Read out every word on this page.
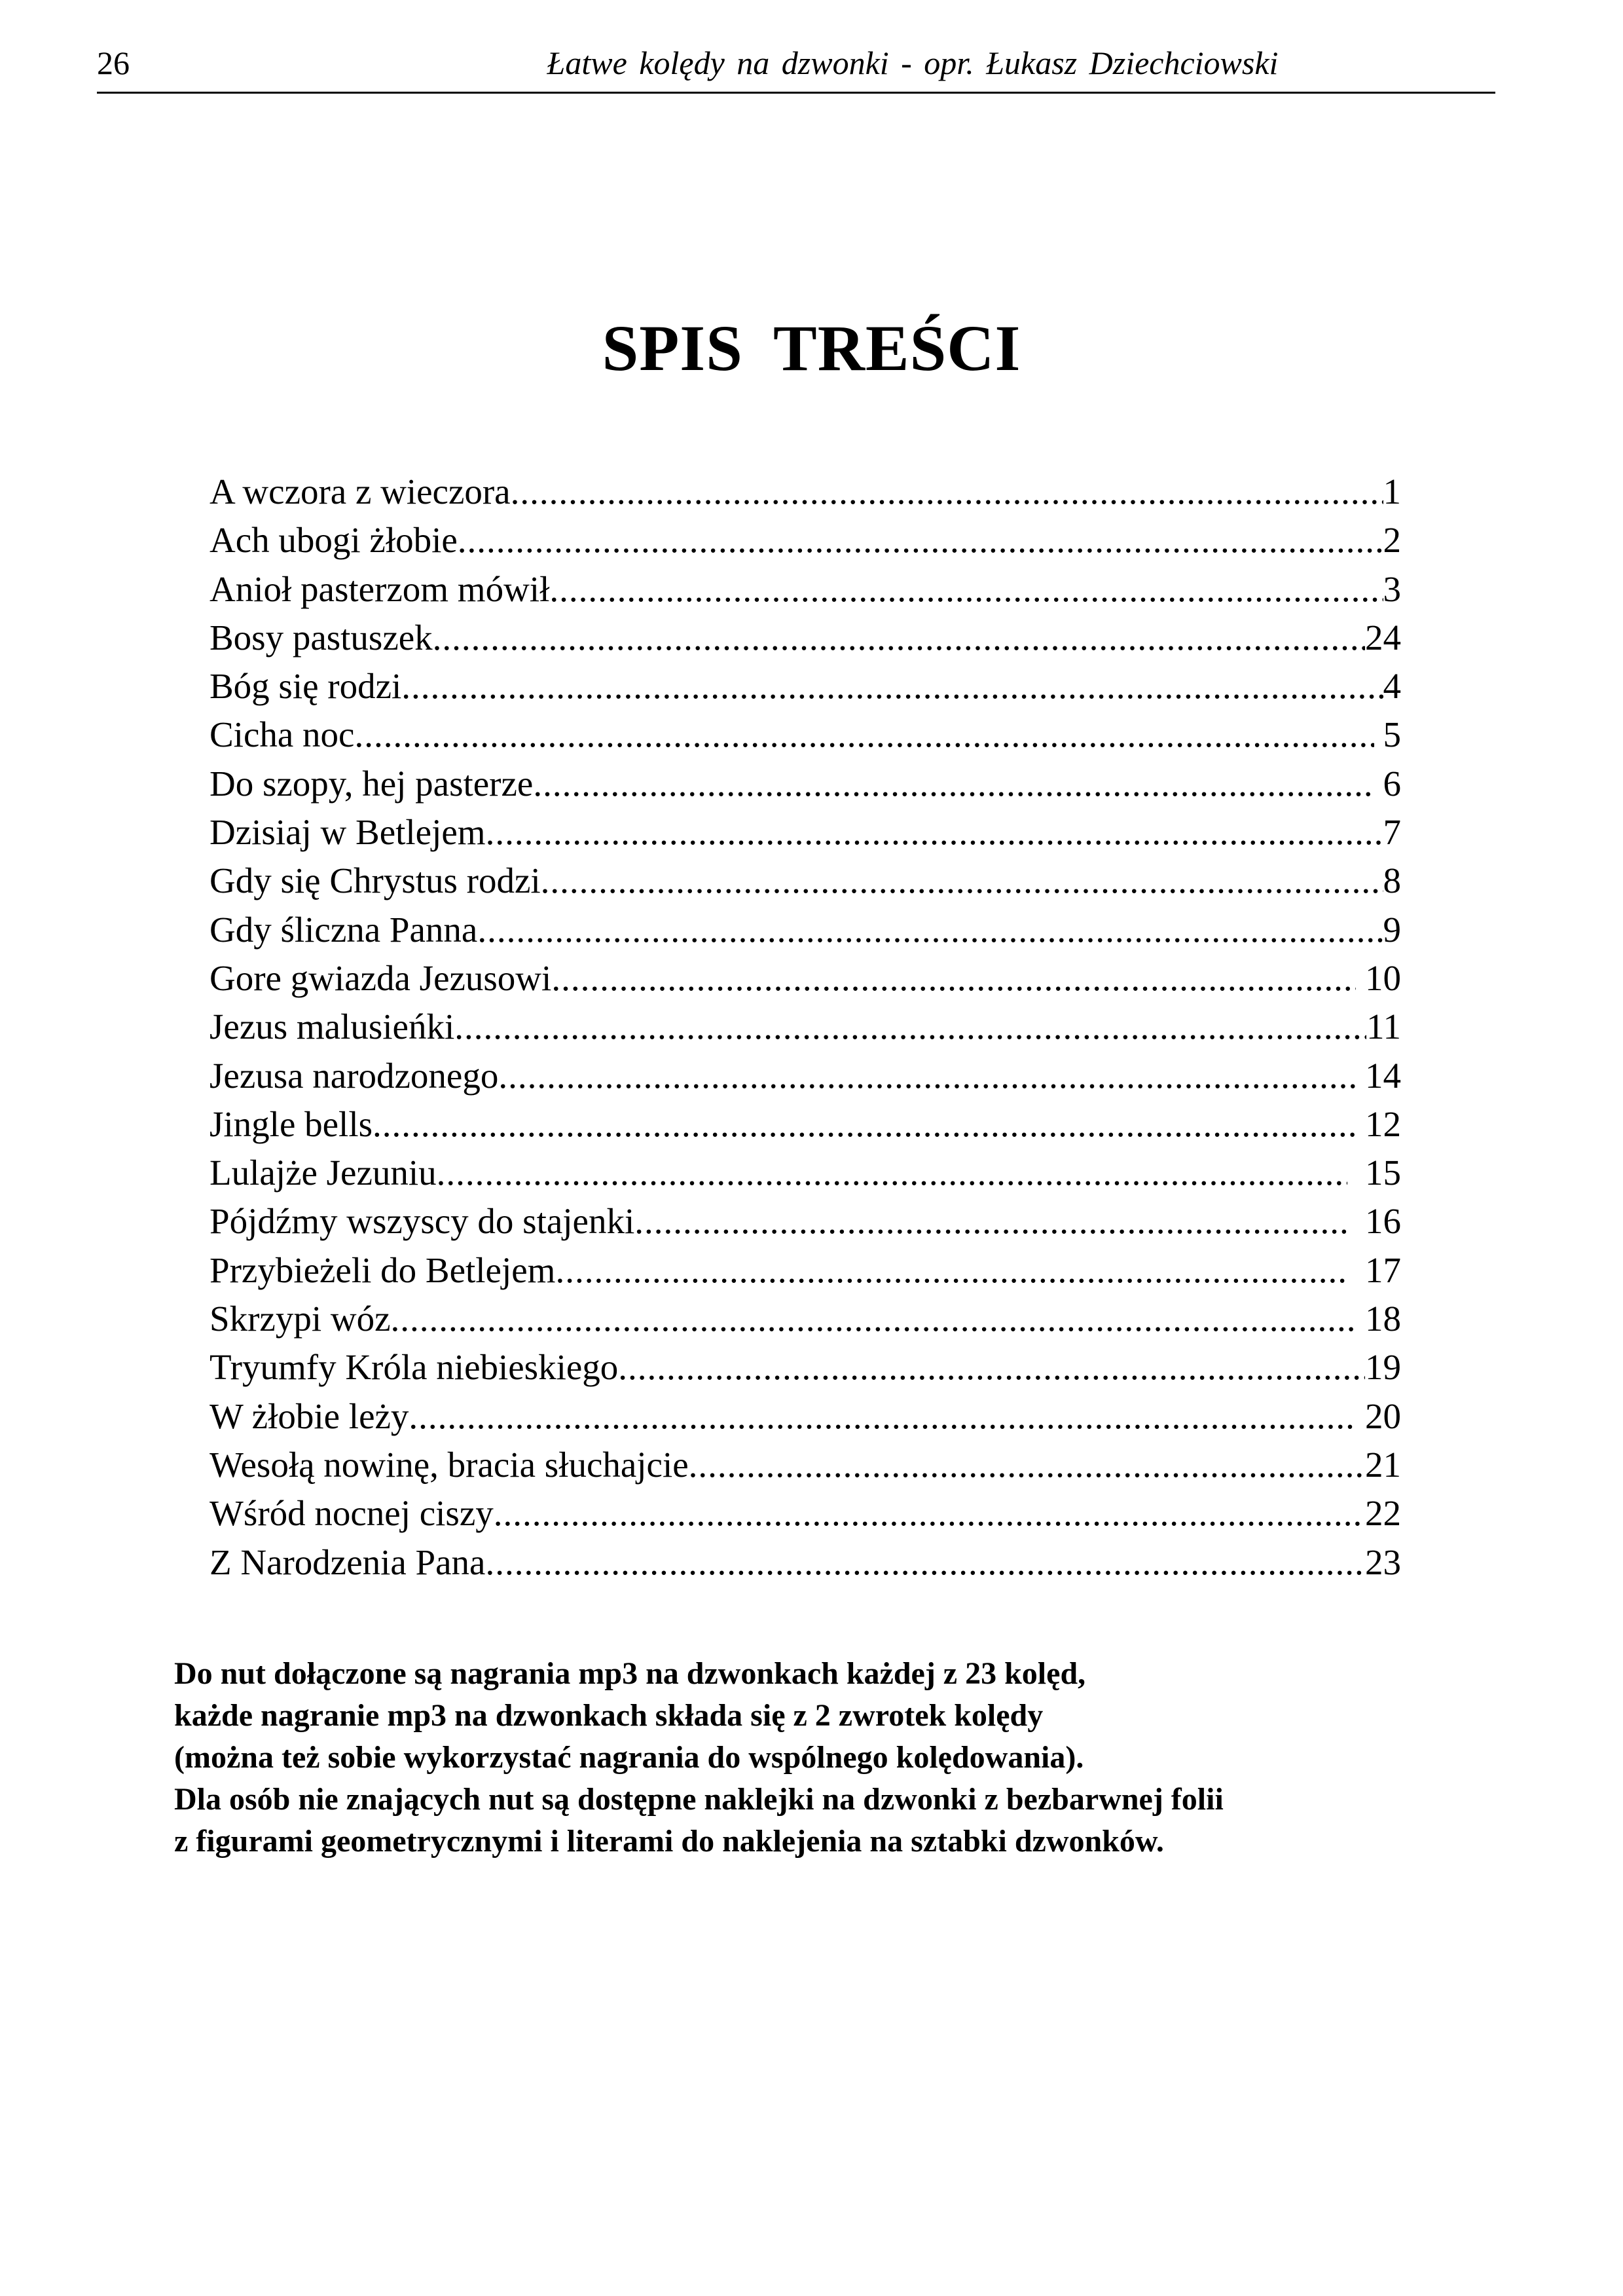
26	Łatwe kolędy na dzwonki - opr. Łukasz Dziechciowski
SPIS TREŚCI
A wczora z wieczora .....	1
Ach ubogi żłobie .....	2
Anioł pasterzom mówił .....	3
Bosy pastuszek .....	24
Bóg się rodzi .....	4
Cicha noc .....	5
Do szopy, hej pasterze .....	6
Dzisiaj w Betlejem .....	7
Gdy się Chrystus rodzi .....	8
Gdy śliczna Panna .....	9
Gore gwiazda Jezusowi .....	10
Jezus malusieńki .....	11
Jezusa narodzonego .....	14
Jingle bells .....	12
Lulajże Jezuniu .....	15
Pójdźmy wszyscy do stajenki .....	16
Przybieżeli do Betlejem .....	17
Skrzypi wóz .....	18
Tryumfy Króla niebieskiego .....	19
W żłobie leży .....	20
Wesołą nowinę, bracia słuchajcie .....	21
Wśród nocnej ciszy .....	22
Z Narodzenia Pana .....	23
Do nut dołączone są nagrania mp3 na dzwonkach każdej z 23 kolęd,
każde nagranie mp3 na dzwonkach składa się z 2 zwrotek kolędy
(można też sobie wykorzystać nagrania do wspólnego kolędowania).
Dla osób nie znających nut są dostępne naklejki na dzwonki z bezbarwnej folii
z figurami geometrycznymi i literami do naklejenia na sztabki dzwonków.
